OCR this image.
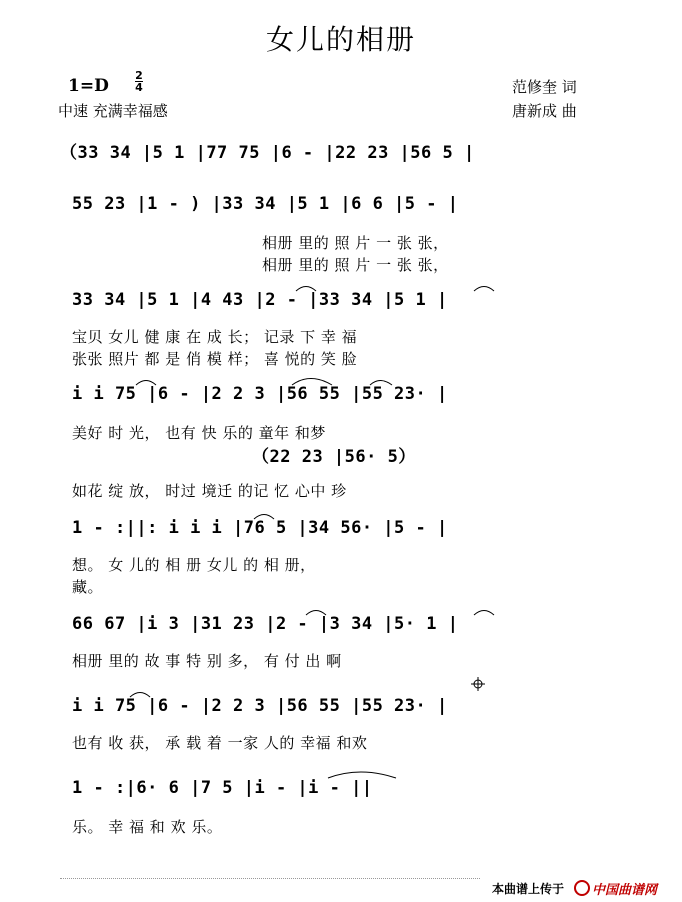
女儿的相册
1=D
2
4
中速 充满幸福感
范修奎 词
唐新成 曲
（33 34 |5 1 |77 75 |6 - |22 23 |56 5 |
55 23 |1 - ) |33 34 |5 1 |6 6 |5 - |
相册 里的 照 片 一 张 张，
相册 里的 照 片 一 张 张，
33 34 |5 1 |4 43 |2 - |33 34 |5 1 |
宝贝 女儿 健 康 在 成 长； 记录 下 幸 福
张张 照片 都 是 俏 模 样； 喜 悦的 笑 脸
i i 75 |6 - |2 2 3 |56 55 |55 23· |
美好 时 光， 也有 快 乐的 童年 和梦
（22 23 |56· 5）
如花 绽 放， 时过 境迁 的记 忆 心中 珍
1 - :||: i i i |76 5 |34 56· |5 - |
想。 女 儿的 相 册 女儿 的 相 册，
藏。
66 67 |i 3 |31 23 |2 - |3 34 |5· 1 |
相册 里的 故 事 特 别 多， 有 付 出 啊
i i 75 |6 - |2 2 3 |56 55 |55 23· |
也有 收 获， 承 载 着 一家 人的 幸福 和欢
1 - :|6· 6 |7 5 |i - |i - ||
乐。 幸 福 和 欢 乐。
本曲谱上传于	中国曲谱网
